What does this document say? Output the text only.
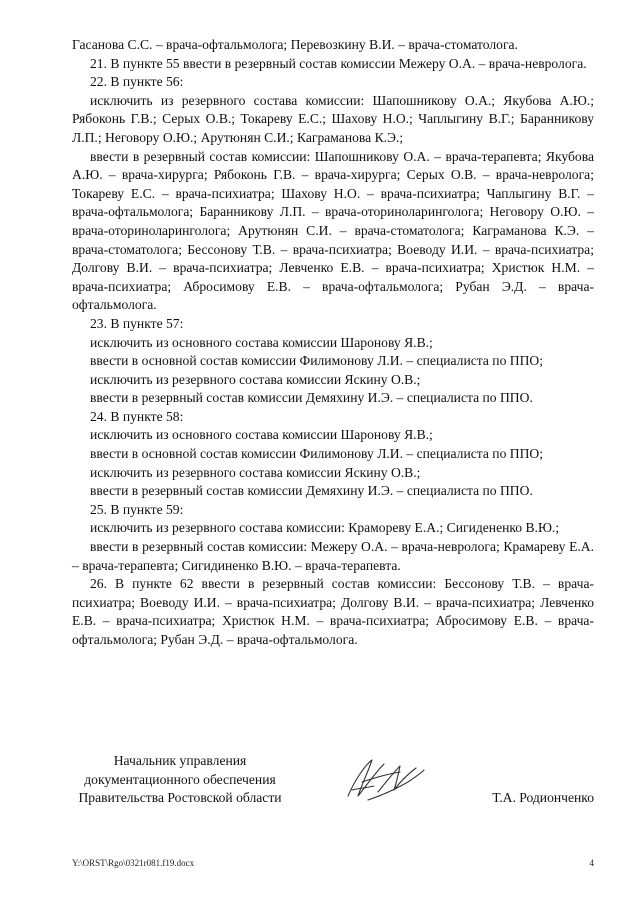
Гасанова С.С. – врача-офтальмолога; Перевозкину В.И. – врача-стоматолога.

21. В пункте 55 ввести в резервный состав комиссии Межеру О.А. – врача-невролога.

22. В пункте 56:

исключить из резервного состава комиссии: Шапошникову О.А.; Якубова А.Ю.; Рябоконь Г.В.; Серых О.В.; Токареву Е.С.; Шахову Н.О.; Чаплыгину В.Г.; Баранникову Л.П.; Неговору О.Ю.; Арутюнян С.И.; Каграманова К.Э.;

ввести в резервный состав комиссии: Шапошникову О.А. – врача-терапевта; Якубова А.Ю. – врача-хирурга; Рябоконь Г.В. – врача-хирурга; Серых О.В. – врача-невролога; Токареву Е.С. – врача-психиатра; Шахову Н.О. – врача-психиатра; Чаплыгину В.Г. – врача-офтальмолога; Баранникову Л.П. – врача-оториноларинголога; Неговору О.Ю. – врача-оториноларинголога; Арутюнян С.И. – врача-стоматолога; Каграманова К.Э. – врача-стоматолога; Бессонову Т.В. – врача-психиатра; Воеводу И.И. – врача-психиатра; Долгову В.И. – врача-психиатра; Левченко Е.В. – врача-психиатра; Христюк Н.М. – врача-психиатра; Абросимову Е.В. – врача-офтальмолога; Рубан Э.Д. – врача-офтальмолога.

23. В пункте 57:

исключить из основного состава комиссии Шаронову Я.В.;

ввести в основной состав комиссии Филимонову Л.И. – специалиста по ППО;

исключить из резервного состава комиссии Яскину О.В.;

ввести в резервный состав комиссии Демяхину И.Э. – специалиста по ППО.

24. В пункте 58:

исключить из основного состава комиссии Шаронову Я.В.;

ввести в основной состав комиссии Филимонову Л.И. – специалиста по ППО;

исключить из резервного состава комиссии Яскину О.В.;

ввести в резервный состав комиссии Демяхину И.Э. – специалиста по ППО.

25. В пункте 59:

исключить из резервного состава комиссии: Крамореву Е.А.; Сигидененко В.Ю.;

ввести в резервный состав комиссии: Межеру О.А. – врача-невролога; Крамареву Е.А. – врача-терапевта; Сигидиненко В.Ю. – врача-терапевта.

26. В пункте 62 ввести в резервный состав комиссии: Бессонову Т.В. – врача-психиатра; Воеводу И.И. – врача-психиатра; Долгову В.И. – врача-психиатра; Левченко Е.В. – врача-психиатра; Христюк Н.М. – врача-психиатра; Абросимову Е.В. – врача-офтальмолога; Рубан Э.Д. – врача-офтальмолога.

Начальник управления
документационного обеспечения
Правительства Ростовской области	Т.А. Родионченко
Y:\ORST\Rgo\0321r081.f19.docx	4
